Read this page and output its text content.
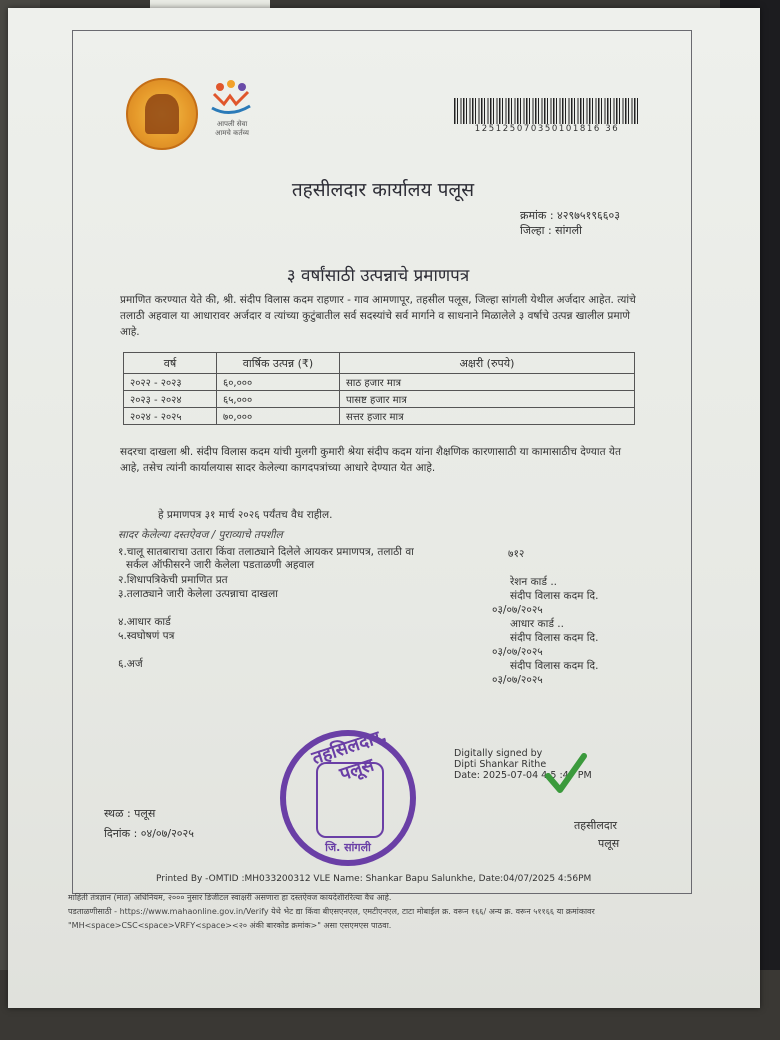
आपली सेवा
आमचे कर्तव्य	125125070350101816 36
तहसीलदार कार्यालय पलूस
क्रमांक : ४२९७५१९६६०३
जिल्हा : सांगली
३ वर्षांसाठी उत्पन्नाचे प्रमाणपत्र
प्रमाणित करण्यात येते की, श्री. संदीप विलास कदम राहणार - गाव आमणापूर, तहसील पलूस, जिल्हा सांगली येथील अर्जदार आहेत. त्यांचे तलाठी अहवाल या आधारावर अर्जदार व त्यांच्या कुटुंबातील सर्व सदस्यांचे सर्व मार्गाने व साधनाने मिळालेले ३ वर्षाचे उत्पन्न खालील प्रमाणे आहे.
वर्ष	वार्षिक उत्पन्न (₹)	अक्षरी (रुपये)
२०२२ - २०२३	६०,०००	साठ हजार मात्र
२०२३ - २०२४	६५,०००	पासष्ट हजार मात्र
२०२४ - २०२५	७०,०००	सत्तर हजार मात्र
सदरचा दाखला श्री. संदीप विलास कदम यांची मुलगी कुमारी श्रेया संदीप कदम यांना शैक्षणिक कारणासाठी या कामासाठीच देण्यात येत आहे, तसेच त्यांनी कार्यालयास सादर केलेल्या कागदपत्रांच्या आधारे देण्यात येत आहे.
हे प्रमाणपत्र ३१ मार्च २०२६ पर्यंतच वैध राहील.
सादर केलेल्या दस्तऐवज / पुराव्याचे तपशील
१.चालू सातबाराचा उतारा किंवा तलाठ्याने दिलेले आयकर प्रमाणपत्र, तलाठी वा
सर्कल ऑफीसरने जारी केलेला पडताळणी अहवाल
२.शिधापत्रिकेची प्रमाणित प्रत
३.तलाठ्याने जारी केलेला उत्पन्नाचा दाखला
४.आधार कार्ड
५.स्वघोषणं पत्र
६.अर्ज
७१२
रेशन कार्ड ..
संदीप विलास कदम दि.
०३/०७/२०२५
आधार कार्ड ..
संदीप विलास कदम दि.
०३/०७/२०२५
संदीप विलास कदम दि.
०३/०७/२०२५
तहसिलदार, पलूस
जि. सांगली
Digitally signed by
Dipti Shankar Rithe
Date: 2025-07-04 4:5 :47 PM
स्थळ : पलूस
दिनांक : ०४/०७/२०२५
तहसीलदार
पलूस
Printed By -OMTID :MH033200312 VLE Name: Shankar Bapu Salunkhe, Date:04/07/2025 4:56PM
माहिती तंत्रज्ञान (मात) अधिनियम, २००० नुसार डिजीटल स्वाक्षरी असणारा हा दस्तऐवज कायदेशीररित्या वैध आहे.
पडताळणीसाठी - https://www.mahaonline.gov.in/Verify येथे भेट द्या किंवा बीएसएनएल, एमटीएनएल, टाटा मोबाईल क्र. वरून १६६/ अन्य क्र. वरून ५११६६ या क्रमांकावर
"MH<space>CSC<space>VRFY<space><२० अंकी बारकोड क्रमांक>" असा एसएमएस पाठवा.
